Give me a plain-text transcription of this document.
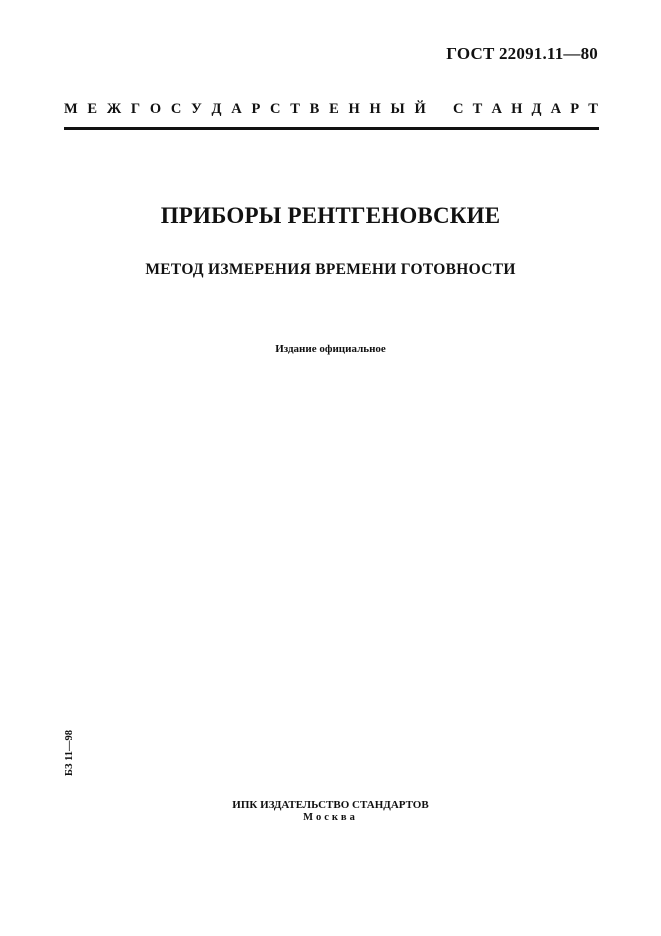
ГОСТ 22091.11—80
М Е Ж Г О С У Д А Р С Т В Е Н Н Ы Й С Т А Н Д А Р Т
ПРИБОРЫ РЕНТГЕНОВСКИЕ
МЕТОД ИЗМЕРЕНИЯ ВРЕМЕНИ ГОТОВНОСТИ
Издание официальное
БЗ 11—98
ИПК ИЗДАТЕЛЬСТВО СТАНДАРТОВ
Москва
